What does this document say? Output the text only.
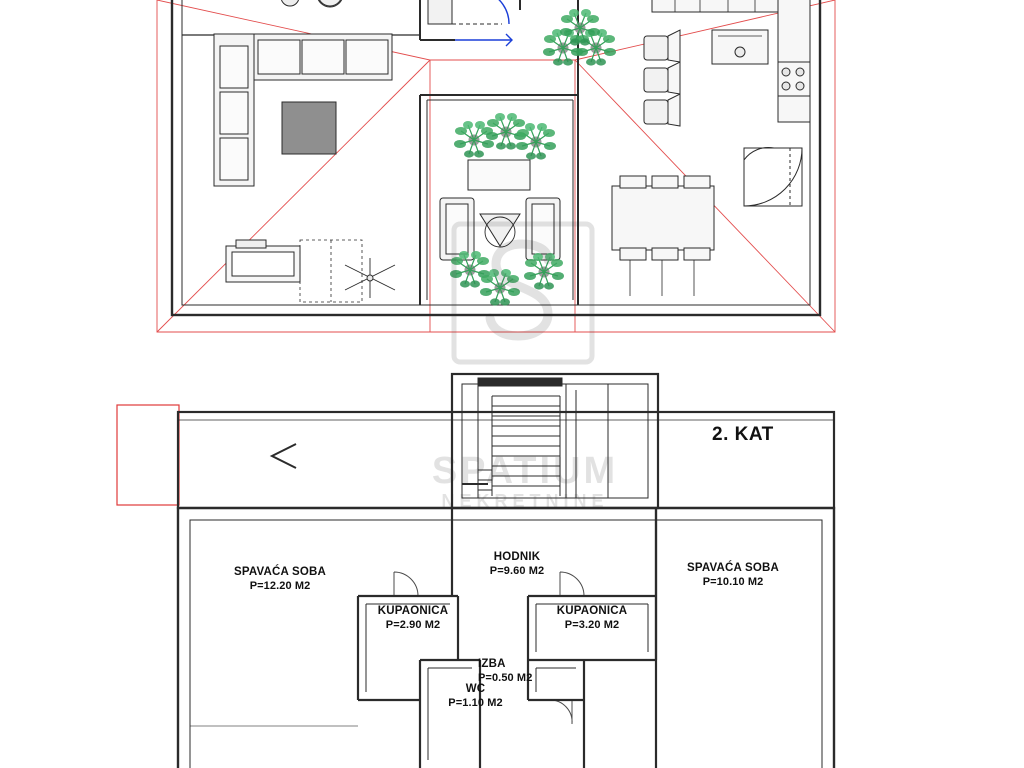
2. KAT
SPAVAĆA SOBA
P=12.20 M2
HODNIK
P=9.60 M2	SPAVAĆA SOBA
P=10.10 M2
KUPAONICA
P=2.90 M2
KUPAONICA
P=3.20 M2
IZBA
P=0.50 M2
WC
P=1.10 M2
SPATIUM
NEKRETNINE
